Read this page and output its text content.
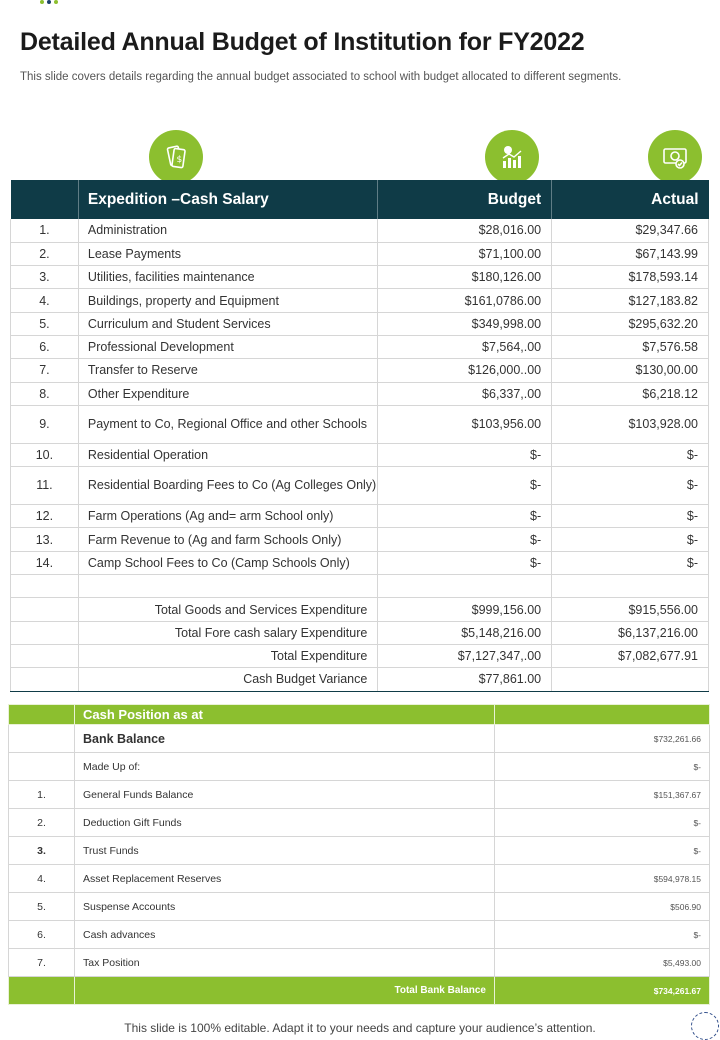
Detailed Annual Budget of Institution for FY2022

This slide covers details regarding the annual budget associated to school with budget allocated to different segments.

$
	Expedition –Cash Salary	Budget	Actual
1.	Administration	$28,016.00	$29,347.66
2.	Lease Payments	$71,100.00	$67,143.99
3.	Utilities, facilities maintenance	$180,126.00	$178,593.14
4.	Buildings, property and Equipment	$161,0786.00	$127,183.82
5.	Curriculum and Student Services	$349,998.00	$295,632.20
6.	Professional Development	$7,564,.00	$7,576.58
7.	Transfer to Reserve	$126,000..00	$130,00.00
8.	Other Expenditure	$6,337,.00	$6,218.12
9.	Payment to Co, Regional Office and other Schools	$103,956.00	$103,928.00
10.	Residential Operation	$-	$-
11.	Residential Boarding Fees to Co (Ag Colleges Only)	$-	$-
12.	Farm Operations (Ag and= arm School only)	$-	$-
13.	Farm Revenue to (Ag and farm Schools Only)	$-	$-
14.	Camp School Fees to Co (Camp Schools Only)	$-	$-

	Total Goods and Services Expenditure	$999,156.00	$915,556.00
	Total Fore cash salary Expenditure	$5,148,216.00	$6,137,216.00
	Total Expenditure	$7,127,347,.00	$7,082,677.91
	Cash Budget Variance	$77,861.00	
	Cash Position as at	
	Bank Balance	$732,261.66
	Made Up of:	$-
1.	General Funds Balance	$151,367.67
2.	Deduction Gift Funds	$-
3.	Trust Funds	$-
4.	Asset Replacement Reserves	$594,978.15
5.	Suspense Accounts	$506.90
6.	Cash advances	$-
7.	Tax Position	$5,493.00
	Total Bank Balance	$734,261.67

This slide is 100% editable. Adapt it to your needs and capture your audience’s attention.
